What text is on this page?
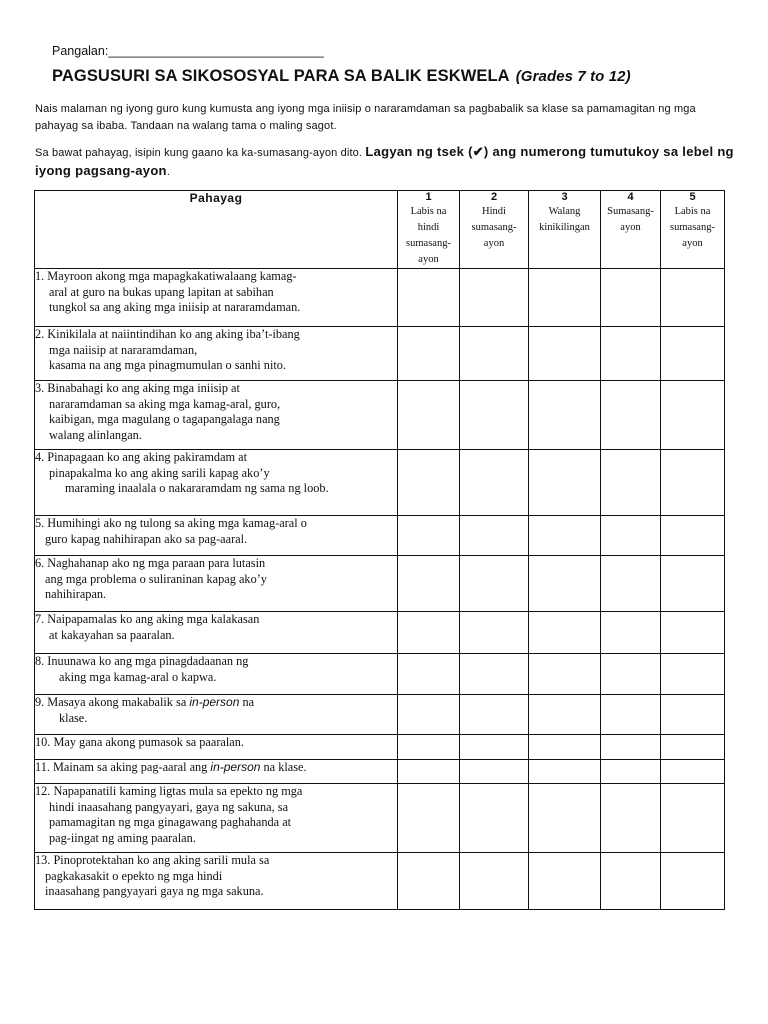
Pangalan:_______________________________
PAGSUSURI SA SIKOSOSYAL PARA SA BALIK ESKWELA (Grades 7 to 12)
Nais malaman ng iyong guro kung kumusta ang iyong mga iniisip o nararamdaman sa pagbabalik sa klase sa pamamagitan ng mga pahayag sa ibaba. Tandaan na walang tama o maling sagot.
Sa bawat pahayag, isipin kung gaano ka ka-sumasang-ayon dito. Lagyan ng tsek (✔) ang numerong tumutukoy sa lebel ng iyong pagsang-ayon.
Pahayag	1
Labis na
hindi
sumasang-
ayon	2
Hindi
sumasang-
ayon	3
Walang
kinikilingan	4
Sumasang-
ayon	5
Labis na
sumasang-
ayon

1. Mayroon akong mga mapagkakatiwalaang kamag-
aral at guro na bukas upang lapitan at sabihan
tungkol sa ang aking mga iniisip at nararamdaman.					

2. Kinikilala at naiintindihan ko ang aking iba’t-ibang
mga naiisip at nararamdaman,
kasama na ang mga pinagmumulan o sanhi nito.					

3. Binabahagi ko ang aking mga iniisip at
nararamdaman sa aking mga kamag-aral, guro,
kaibigan, mga magulang o tagapangalaga nang
walang alinlangan.					

4. Pinapagaan ko ang aking pakiramdam at
pinapakalma ko ang aking sarili kapag ako’y
maraming inaalala o nakararamdam ng sama ng loob.					

5. Humihingi ako ng tulong sa aking mga kamag-aral o
guro kapag nahihirapan ako sa pag-aaral.					

6. Naghahanap ako ng mga paraan para lutasin
ang mga problema o suliraninan kapag ako’y
nahihirapan.					

7. Naipapamalas ko ang aking mga kalakasan
at kakayahan sa paaralan.					

8. Inuunawa ko ang mga pinagdadaanan ng
aking mga kamag-aral o kapwa.					

9. Masaya akong makabalik sa in-person na
klase.					

10. May gana akong pumasok sa paaralan.					

11. Mainam sa aking pag-aaral ang in-person na klase.					

12. Napapanatili kaming ligtas mula sa epekto ng mga
hindi inaasahang pangyayari, gaya ng sakuna, sa
pamamagitan ng mga ginagawang paghahanda at
pag-iingat ng aming paaralan.					

13. Pinoprotektahan ko ang aking sarili mula sa
pagkakasakit o epekto ng mga hindi
inaasahang pangyayari gaya ng mga sakuna.					
